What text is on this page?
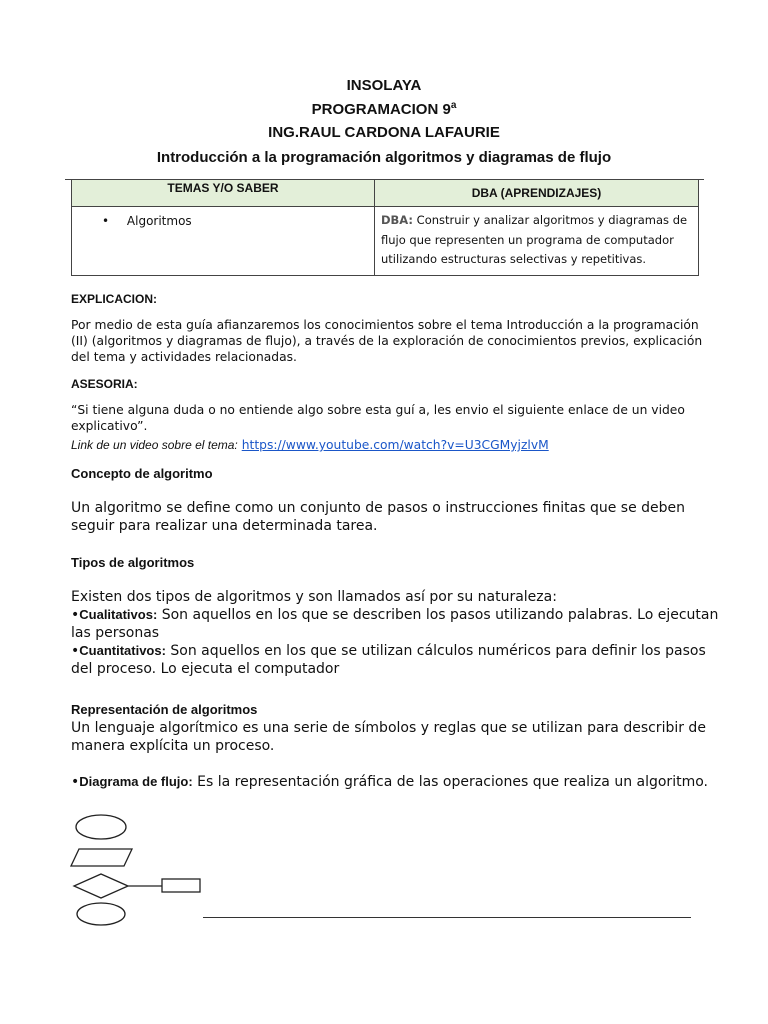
INSOLAYA
PROGRAMACION 9$^a$
ING.RAUL CARDONA LAFAURIE
Introducción a la programación algoritmos y diagramas de flujo
TEMAS Y/O SABER	DBA (APRENDIZAJES)

• Algoritmos	DBA: Construir y analizar algoritmos y diagramas de flujo que representen un programa de computador utilizando estructuras selectivas y repetitivas.
EXPLICACION:
Por medio de esta guía afianzaremos los conocimientos sobre el tema Introducción a la programación (II) (algoritmos y diagramas de flujo), a través de la exploración de conocimientos previos, explicación del tema y actividades relacionadas.
ASESORIA:
“Si tiene alguna duda o no entiende algo sobre esta guí a, les envio el siguiente enlace de un video explicativo”.
Link de un video sobre el tema: https://www.youtube.com/watch?v=U3CGMyjzlvM
Concepto de algoritmo
Un algoritmo se define como un conjunto de pasos o instrucciones finitas que se deben seguir para realizar una determinada tarea.
Tipos de algoritmos
Existen dos tipos de algoritmos y son llamados así por su naturaleza:
•Cualitativos: Son aquellos en los que se describen los pasos utilizando palabras. Lo ejecutan las personas
•Cuantitativos: Son aquellos en los que se utilizan cálculos numéricos para definir los pasos del proceso. Lo ejecuta el computador
Representación de algoritmos
Un lenguaje algorítmico es una serie de símbolos y reglas que se utilizan para describir de manera explícita un proceso.
•Diagrama de flujo: Es la representación gráfica de las operaciones que realiza un algoritmo.
